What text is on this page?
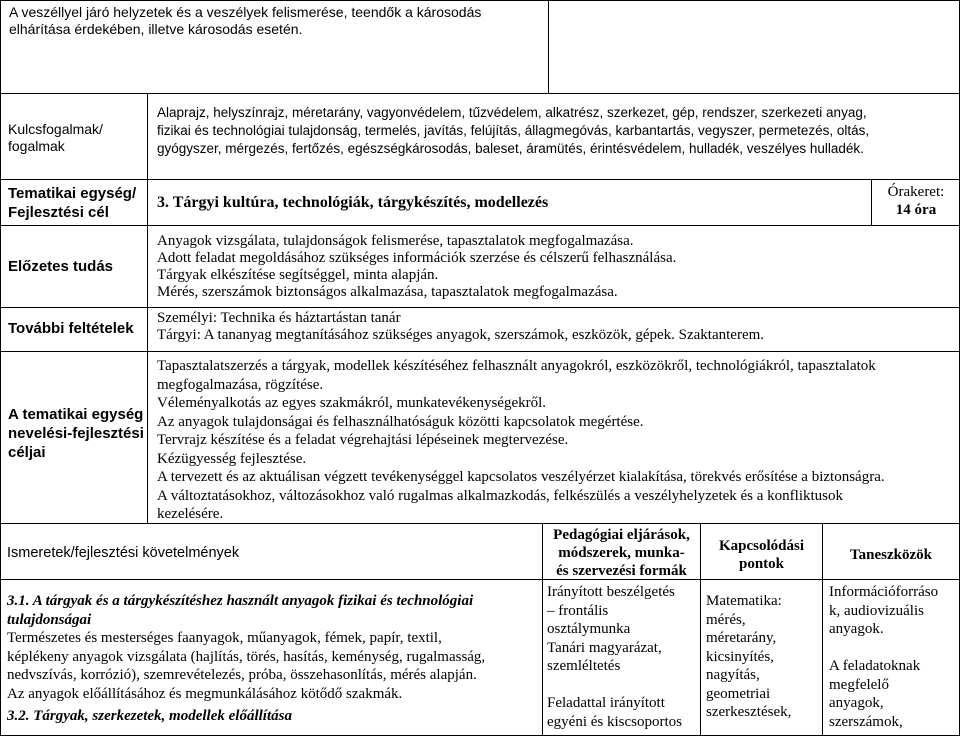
A veszéllyel járó helyzetek és a veszélyek felismerése, teendők a károsodás
elhárítása érdekében, illetve károsodás esetén.
Kulcsfogalmak/
fogalmak
Alaprajz, helyszínrajz, méretarány, vagyonvédelem, tűzvédelem, alkatrész, szerkezet, gép, rendszer, szerkezeti anyag,
fizikai és technológiai tulajdonság, termelés, javítás, felújítás, állagmegóvás, karbantartás, vegyszer, permetezés, oltás,
gyógyszer, mérgezés, fertőzés, egészségkárosodás, baleset, áramütés, érintésvédelem, hulladék, veszélyes hulladék.
Tematikai egység/
Fejlesztési cél
3. Tárgyi kultúra, technológiák, tárgykészítés, modellezés
Órakeret:
14 óra
Előzetes tudás
Anyagok vizsgálata, tulajdonságok felismerése, tapasztalatok megfogalmazása.
Adott feladat megoldásához szükséges információk szerzése és célszerű felhasználása.
Tárgyak elkészítése segítséggel, minta alapján.
Mérés, szerszámok biztonságos alkalmazása, tapasztalatok megfogalmazása.
További feltételek
Személyi: Technika és háztartástan tanár
Tárgyi: A tananyag megtanításához szükséges anyagok, szerszámok, eszközök, gépek. Szaktanterem.
A tematikai egység
nevelési-fejlesztési
céljai
Tapasztalatszerzés a tárgyak, modellek készítéséhez felhasznált anyagokról, eszközökről, technológiákról, tapasztalatok
megfogalmazása, rögzítése.
Véleményalkotás az egyes szakmákról, munkatevékenységekről.
Az anyagok tulajdonságai és felhasználhatóságuk közötti kapcsolatok megértése.
Tervrajz készítése és a feladat végrehajtási lépéseinek megtervezése.
Kézügyesség fejlesztése.
A tervezett és az aktuálisan végzett tevékenységgel kapcsolatos veszélyérzet kialakítása, törekvés erősítése a biztonságra.
A változtatásokhoz, változásokhoz való rugalmas alkalmazkodás, felkészülés a veszélyhelyzetek és a konfliktusok
kezelésére.
Ismeretek/fejlesztési követelmények
Pedagógiai eljárások,
módszerek, munka-
és szervezési formák
Kapcsolódási
pontok
Taneszközök
3.1. A tárgyak és a tárgykészítéshez használt anyagok fizikai és technológiai
tulajdonságai
Természetes és mesterséges faanyagok, műanyagok, fémek, papír, textil,
képlékeny anyagok vizsgálata (hajlítás, törés, hasítás, keménység, rugalmasság,
nedvszívás, korrózió), szemrevételezés, próba, összehasonlítás, mérés alapján.
Az anyagok előállításához és megmunkálásához kötődő szakmák.
3.2. Tárgyak, szerkezetek, modellek előállítása
Irányított beszélgetés
– frontális
osztálymunka
Tanári magyarázat,
szemléltetés
Feladattal irányított
egyéni és kiscsoportos
Matematika:
mérés,
méretarány,
kicsinyítés,
nagyítás,
geometriai
szerkesztések,
Információforráso
k, audiovizuális
anyagok.
A feladatoknak
megfelelő
anyagok,
szerszámok,
